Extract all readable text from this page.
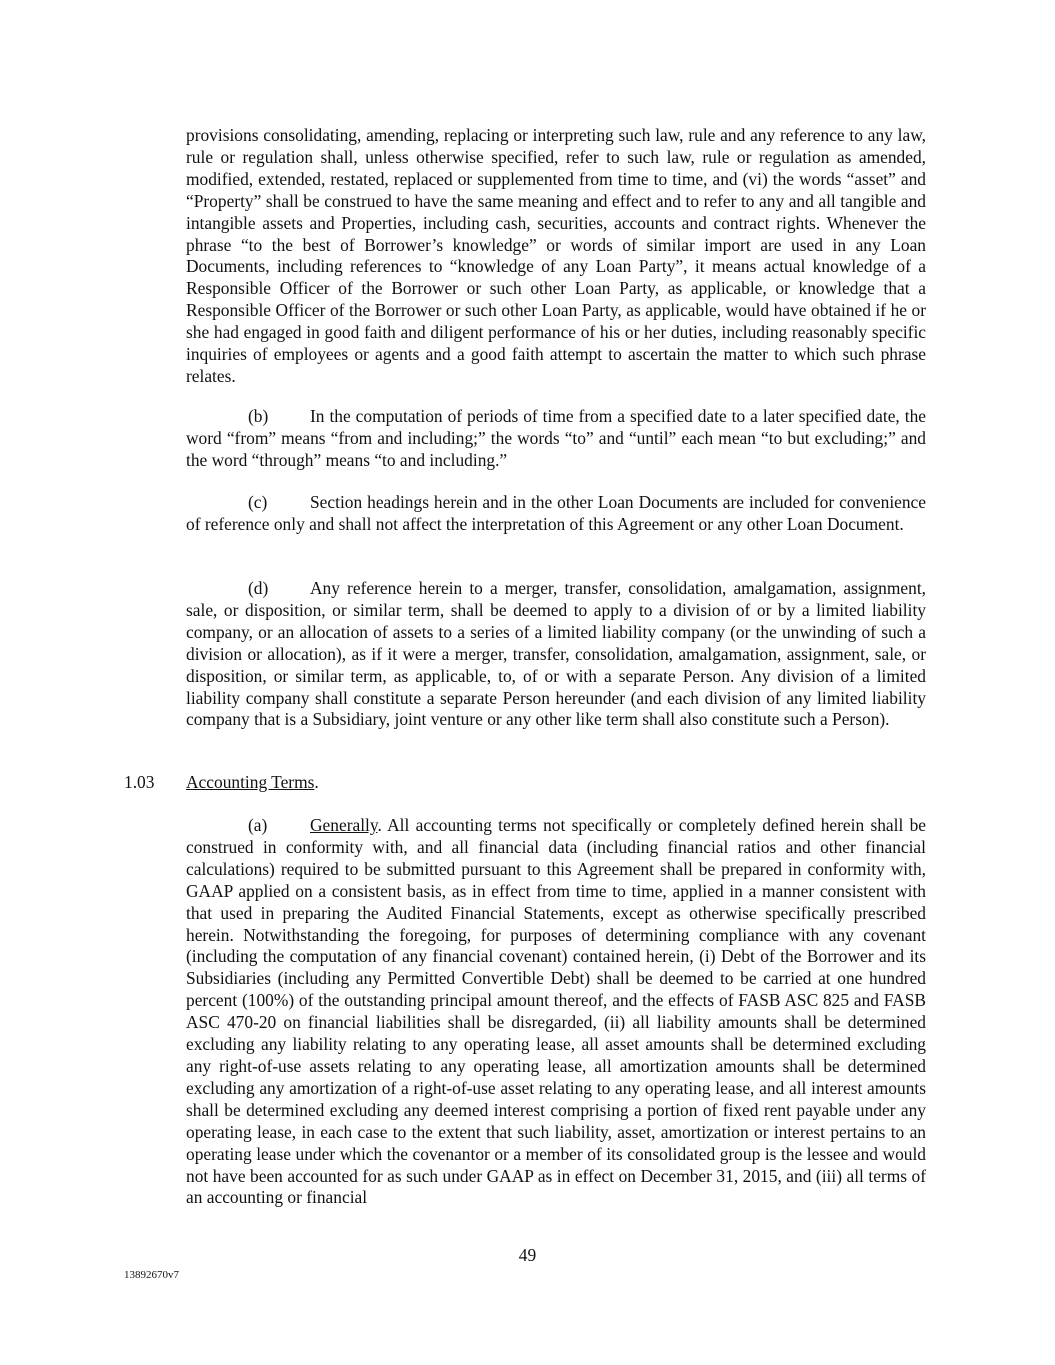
provisions consolidating, amending, replacing or interpreting such law, rule and any reference to any law, rule or regulation shall, unless otherwise specified, refer to such law, rule or regulation as amended, modified, extended, restated, replaced or supplemented from time to time, and (vi) the words “asset” and “Property” shall be construed to have the same meaning and effect and to refer to any and all tangible and intangible assets and Properties, including cash, securities, accounts and contract rights. Whenever the phrase “to the best of Borrower’s knowledge” or words of similar import are used in any Loan Documents, including references to “knowledge of any Loan Party”, it means actual knowledge of a Responsible Officer of the Borrower or such other Loan Party, as applicable, or knowledge that a Responsible Officer of the Borrower or such other Loan Party, as applicable, would have obtained if he or she had engaged in good faith and diligent performance of his or her duties, including reasonably specific inquiries of employees or agents and a good faith attempt to ascertain the matter to which such phrase relates.

(b) In the computation of periods of time from a specified date to a later specified date, the word “from” means “from and including;” the words “to” and “until” each mean “to but excluding;” and the word “through” means “to and including.”

(c) Section headings herein and in the other Loan Documents are included for convenience of reference only and shall not affect the interpretation of this Agreement or any other Loan Document.

(d) Any reference herein to a merger, transfer, consolidation, amalgamation, assignment, sale, or disposition, or similar term, shall be deemed to apply to a division of or by a limited liability company, or an allocation of assets to a series of a limited liability company (or the unwinding of such a division or allocation), as if it were a merger, transfer, consolidation, amalgamation, assignment, sale, or disposition, or similar term, as applicable, to, of or with a separate Person. Any division of a limited liability company shall constitute a separate Person hereunder (and each division of any limited liability company that is a Subsidiary, joint venture or any other like term shall also constitute such a Person).

1.03 Accounting Terms.

(a) Generally. All accounting terms not specifically or completely defined herein shall be construed in conformity with, and all financial data (including financial ratios and other financial calculations) required to be submitted pursuant to this Agreement shall be prepared in conformity with, GAAP applied on a consistent basis, as in effect from time to time, applied in a manner consistent with that used in preparing the Audited Financial Statements, except as otherwise specifically prescribed herein. Notwithstanding the foregoing, for purposes of determining compliance with any covenant (including the computation of any financial covenant) contained herein, (i) Debt of the Borrower and its Subsidiaries (including any Permitted Convertible Debt) shall be deemed to be carried at one hundred percent (100%) of the outstanding principal amount thereof, and the effects of FASB ASC 825 and FASB ASC 470-20 on financial liabilities shall be disregarded, (ii) all liability amounts shall be determined excluding any liability relating to any operating lease, all asset amounts shall be determined excluding any right-of-use assets relating to any operating lease, all amortization amounts shall be determined excluding any amortization of a right-of-use asset relating to any operating lease, and all interest amounts shall be determined excluding any deemed interest comprising a portion of fixed rent payable under any operating lease, in each case to the extent that such liability, asset, amortization or interest pertains to an operating lease under which the covenantor or a member of its consolidated group is the lessee and would not have been accounted for as such under GAAP as in effect on December 31, 2015, and (iii) all terms of an accounting or financial

49
13892670v7
